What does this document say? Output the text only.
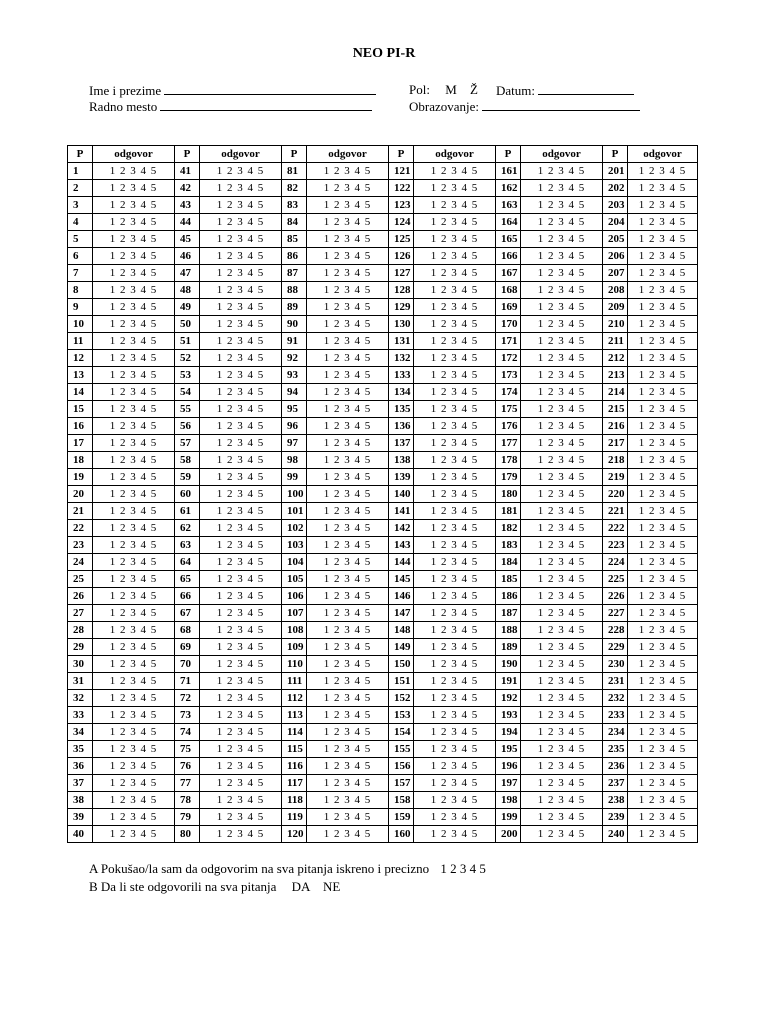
NEO PI-R
Ime i prezime
Radno mesto
Pol: M Ž Datum:
Obrazovanje:
P	odgovor	P	odgovor	P	odgovor	P	odgovor	P	odgovor	P	odgovor
1	1 2 3 4 5	41	1 2 3 4 5	81	1 2 3 4 5	121	1 2 3 4 5	161	1 2 3 4 5	201	1 2 3 4 5
2	1 2 3 4 5	42	1 2 3 4 5	82	1 2 3 4 5	122	1 2 3 4 5	162	1 2 3 4 5	202	1 2 3 4 5
3	1 2 3 4 5	43	1 2 3 4 5	83	1 2 3 4 5	123	1 2 3 4 5	163	1 2 3 4 5	203	1 2 3 4 5
4	1 2 3 4 5	44	1 2 3 4 5	84	1 2 3 4 5	124	1 2 3 4 5	164	1 2 3 4 5	204	1 2 3 4 5
5	1 2 3 4 5	45	1 2 3 4 5	85	1 2 3 4 5	125	1 2 3 4 5	165	1 2 3 4 5	205	1 2 3 4 5
6	1 2 3 4 5	46	1 2 3 4 5	86	1 2 3 4 5	126	1 2 3 4 5	166	1 2 3 4 5	206	1 2 3 4 5
7	1 2 3 4 5	47	1 2 3 4 5	87	1 2 3 4 5	127	1 2 3 4 5	167	1 2 3 4 5	207	1 2 3 4 5
8	1 2 3 4 5	48	1 2 3 4 5	88	1 2 3 4 5	128	1 2 3 4 5	168	1 2 3 4 5	208	1 2 3 4 5
9	1 2 3 4 5	49	1 2 3 4 5	89	1 2 3 4 5	129	1 2 3 4 5	169	1 2 3 4 5	209	1 2 3 4 5
10	1 2 3 4 5	50	1 2 3 4 5	90	1 2 3 4 5	130	1 2 3 4 5	170	1 2 3 4 5	210	1 2 3 4 5
11	1 2 3 4 5	51	1 2 3 4 5	91	1 2 3 4 5	131	1 2 3 4 5	171	1 2 3 4 5	211	1 2 3 4 5
12	1 2 3 4 5	52	1 2 3 4 5	92	1 2 3 4 5	132	1 2 3 4 5	172	1 2 3 4 5	212	1 2 3 4 5
13	1 2 3 4 5	53	1 2 3 4 5	93	1 2 3 4 5	133	1 2 3 4 5	173	1 2 3 4 5	213	1 2 3 4 5
14	1 2 3 4 5	54	1 2 3 4 5	94	1 2 3 4 5	134	1 2 3 4 5	174	1 2 3 4 5	214	1 2 3 4 5
15	1 2 3 4 5	55	1 2 3 4 5	95	1 2 3 4 5	135	1 2 3 4 5	175	1 2 3 4 5	215	1 2 3 4 5
16	1 2 3 4 5	56	1 2 3 4 5	96	1 2 3 4 5	136	1 2 3 4 5	176	1 2 3 4 5	216	1 2 3 4 5
17	1 2 3 4 5	57	1 2 3 4 5	97	1 2 3 4 5	137	1 2 3 4 5	177	1 2 3 4 5	217	1 2 3 4 5
18	1 2 3 4 5	58	1 2 3 4 5	98	1 2 3 4 5	138	1 2 3 4 5	178	1 2 3 4 5	218	1 2 3 4 5
19	1 2 3 4 5	59	1 2 3 4 5	99	1 2 3 4 5	139	1 2 3 4 5	179	1 2 3 4 5	219	1 2 3 4 5
20	1 2 3 4 5	60	1 2 3 4 5	100	1 2 3 4 5	140	1 2 3 4 5	180	1 2 3 4 5	220	1 2 3 4 5
21	1 2 3 4 5	61	1 2 3 4 5	101	1 2 3 4 5	141	1 2 3 4 5	181	1 2 3 4 5	221	1 2 3 4 5
22	1 2 3 4 5	62	1 2 3 4 5	102	1 2 3 4 5	142	1 2 3 4 5	182	1 2 3 4 5	222	1 2 3 4 5
23	1 2 3 4 5	63	1 2 3 4 5	103	1 2 3 4 5	143	1 2 3 4 5	183	1 2 3 4 5	223	1 2 3 4 5
24	1 2 3 4 5	64	1 2 3 4 5	104	1 2 3 4 5	144	1 2 3 4 5	184	1 2 3 4 5	224	1 2 3 4 5
25	1 2 3 4 5	65	1 2 3 4 5	105	1 2 3 4 5	145	1 2 3 4 5	185	1 2 3 4 5	225	1 2 3 4 5
26	1 2 3 4 5	66	1 2 3 4 5	106	1 2 3 4 5	146	1 2 3 4 5	186	1 2 3 4 5	226	1 2 3 4 5
27	1 2 3 4 5	67	1 2 3 4 5	107	1 2 3 4 5	147	1 2 3 4 5	187	1 2 3 4 5	227	1 2 3 4 5
28	1 2 3 4 5	68	1 2 3 4 5	108	1 2 3 4 5	148	1 2 3 4 5	188	1 2 3 4 5	228	1 2 3 4 5
29	1 2 3 4 5	69	1 2 3 4 5	109	1 2 3 4 5	149	1 2 3 4 5	189	1 2 3 4 5	229	1 2 3 4 5
30	1 2 3 4 5	70	1 2 3 4 5	110	1 2 3 4 5	150	1 2 3 4 5	190	1 2 3 4 5	230	1 2 3 4 5
31	1 2 3 4 5	71	1 2 3 4 5	111	1 2 3 4 5	151	1 2 3 4 5	191	1 2 3 4 5	231	1 2 3 4 5
32	1 2 3 4 5	72	1 2 3 4 5	112	1 2 3 4 5	152	1 2 3 4 5	192	1 2 3 4 5	232	1 2 3 4 5
33	1 2 3 4 5	73	1 2 3 4 5	113	1 2 3 4 5	153	1 2 3 4 5	193	1 2 3 4 5	233	1 2 3 4 5
34	1 2 3 4 5	74	1 2 3 4 5	114	1 2 3 4 5	154	1 2 3 4 5	194	1 2 3 4 5	234	1 2 3 4 5
35	1 2 3 4 5	75	1 2 3 4 5	115	1 2 3 4 5	155	1 2 3 4 5	195	1 2 3 4 5	235	1 2 3 4 5
36	1 2 3 4 5	76	1 2 3 4 5	116	1 2 3 4 5	156	1 2 3 4 5	196	1 2 3 4 5	236	1 2 3 4 5
37	1 2 3 4 5	77	1 2 3 4 5	117	1 2 3 4 5	157	1 2 3 4 5	197	1 2 3 4 5	237	1 2 3 4 5
38	1 2 3 4 5	78	1 2 3 4 5	118	1 2 3 4 5	158	1 2 3 4 5	198	1 2 3 4 5	238	1 2 3 4 5
39	1 2 3 4 5	79	1 2 3 4 5	119	1 2 3 4 5	159	1 2 3 4 5	199	1 2 3 4 5	239	1 2 3 4 5
40	1 2 3 4 5	80	1 2 3 4 5	120	1 2 3 4 5	160	1 2 3 4 5	200	1 2 3 4 5	240	1 2 3 4 5
A Pokušao/la sam da odgovorim na sva pitanja iskreno i precizno 1 2 3 4 5
B Da li ste odgovorili na sva pitanja DA NE
